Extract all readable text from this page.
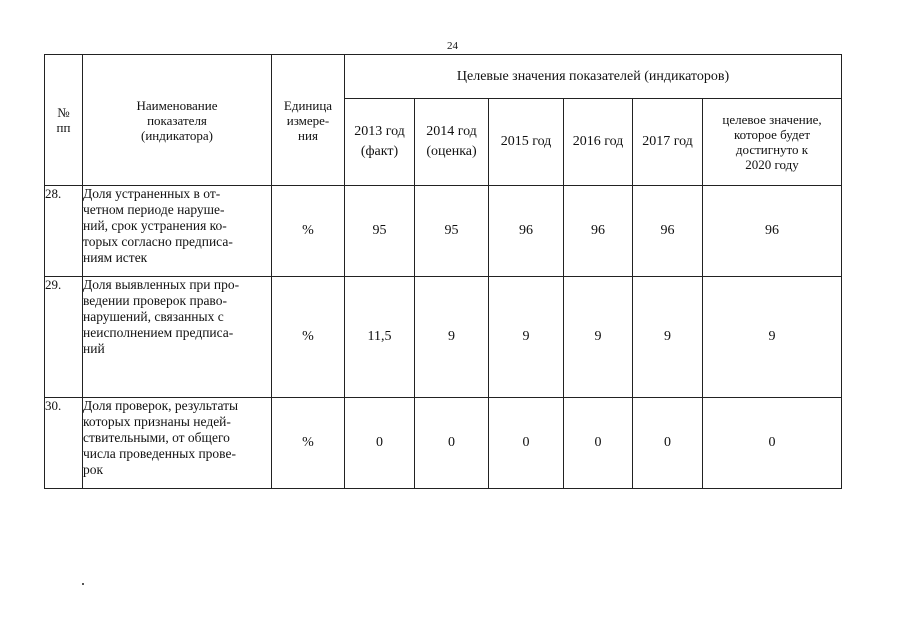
24
№
пп	Наименование
показателя
(индикатора)	Единица
измере-
ния	Целевые значения показателей (индикаторов)					
			2013 год
(факт)	2014 год
(оценка)	2015 год	2016 год	2017 год	целевое значение,
которое будет
достигнуто к
2020 году
28.	Доля устраненных в от-
четном периоде наруше-
ний, срок устранения ко-
торых согласно предписа-
ниям истек	%	95	95	96	96	96	96
29.	Доля выявленных при про-
ведении проверок право-
нарушений, связанных с
неисполнением предписа-
ний	%	11,5	9	9	9	9	9
30.	Доля проверок, результаты
которых признаны недей-
ствительными, от общего
числа проведенных прове-
рок	%	0	0	0	0	0	0
